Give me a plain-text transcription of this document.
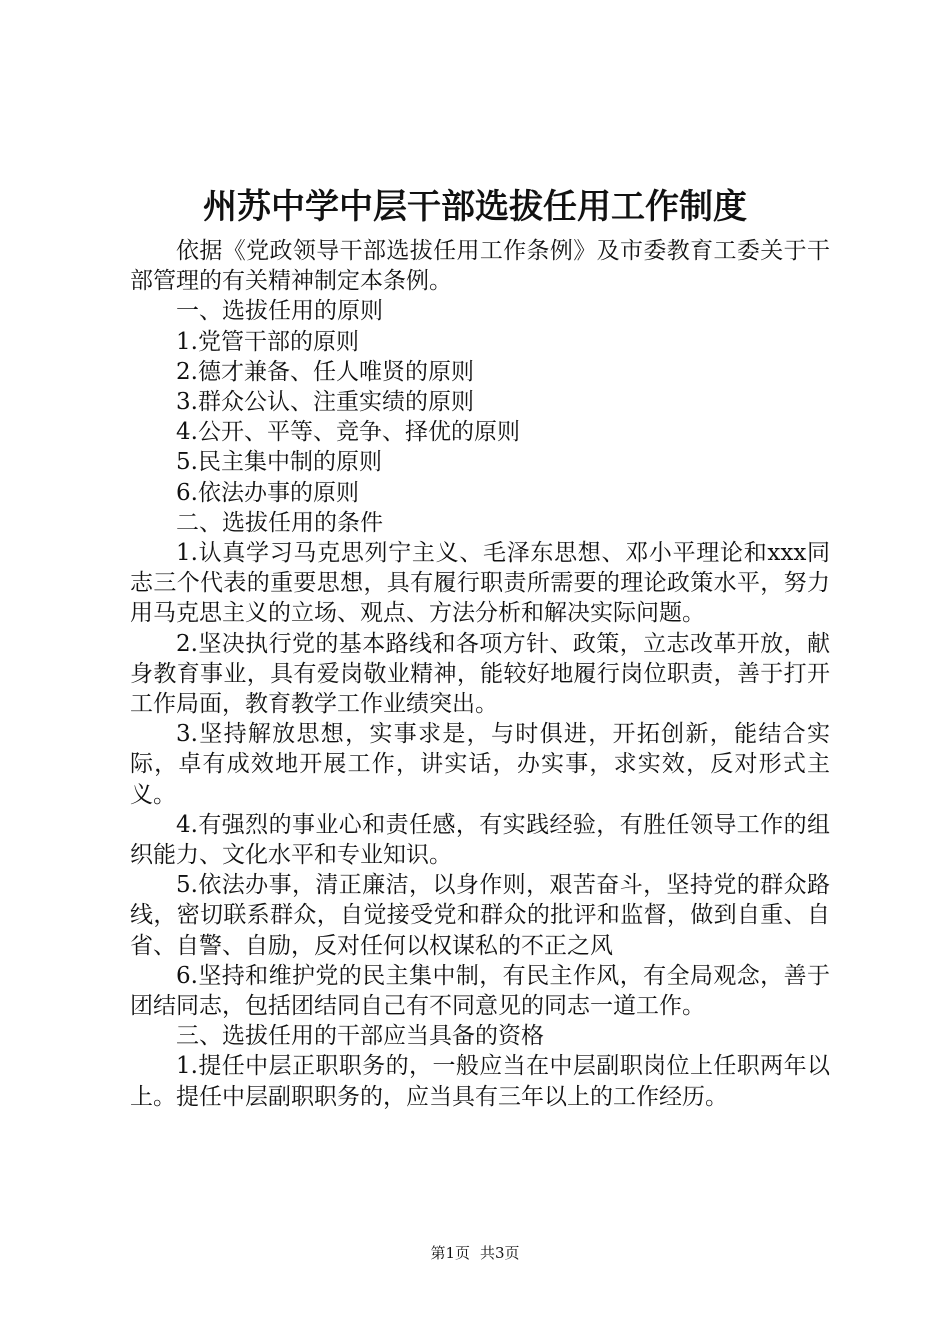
州苏中学中层干部选拔任用工作制度

依据《党政领导干部选拔任用工作条例》及市委教育工委关于干部管理的有关精神制定本条例。

一、选拔任用的原则

1.党管干部的原则

2.德才兼备、任人唯贤的原则

3.群众公认、注重实绩的原则

4.公开、平等、竞争、择优的原则

5.民主集中制的原则

6.依法办事的原则

二、选拔任用的条件

1.认真学习马克思列宁主义、毛泽东思想、邓小平理论和xxx同志三个代表的重要思想，具有履行职责所需要的理论政策水平，努力用马克思主义的立场、观点、方法分析和解决实际问题。

2.坚决执行党的基本路线和各项方针、政策，立志改革开放，献身教育事业，具有爱岗敬业精神，能较好地履行岗位职责，善于打开工作局面，教育教学工作业绩突出。

3.坚持解放思想，实事求是，与时俱进，开拓创新，能结合实际，卓有成效地开展工作，讲实话，办实事，求实效，反对形式主义。

4.有强烈的事业心和责任感，有实践经验，有胜任领导工作的组织能力、文化水平和专业知识。

5.依法办事，清正廉洁，以身作则，艰苦奋斗，坚持党的群众路线，密切联系群众，自觉接受党和群众的批评和监督，做到自重、自省、自警、自励，反对任何以权谋私的不正之风

6.坚持和维护党的民主集中制，有民主作风，有全局观念，善于团结同志，包括团结同自己有不同意见的同志一道工作。

三、选拔任用的干部应当具备的资格

1.提任中层正职职务的，一般应当在中层副职岗位上任职两年以上。提任中层副职职务的，应当具有三年以上的工作经历。

第1页 共3页
